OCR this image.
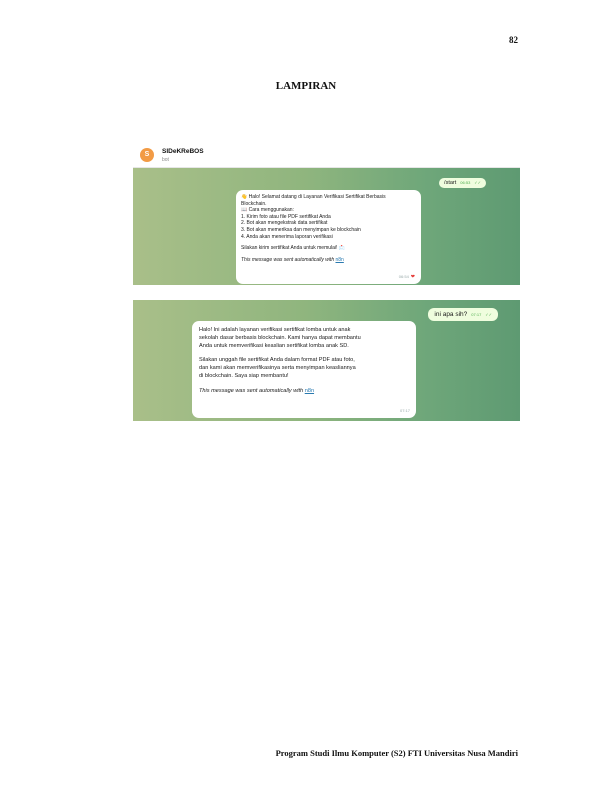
82
LAMPIRAN
S	SIDeKReBOS
bot
/start 06:53 ✓✓
👋 Halo! Selamat datang di Layanan Verifikasi Sertifikat Berbasis
Blockchain.
📖 Cara menggunakan:
1. Kirim foto atau file PDF sertifikat Anda
2. Bot akan mengekstrak data sertifikat
3. Bot akan memeriksa dan menyimpan ke blockchain
4. Anda akan menerima laporan verifikasi
Silakan kirim sertifikat Anda untuk memulai! 📩
This message was sent automatically with n8n
06:54 ❤
ini apa sih? 07:17 ✓✓
Halo! Ini adalah layanan verifikasi sertifikat lomba untuk anak
sekolah dasar berbasis blockchain. Kami hanya dapat membantu
Anda untuk memverifikasi keaslian sertifikat lomba anak SD.
Silakan unggah file sertifikat Anda dalam format PDF atau foto,
dan kami akan memverifikasinya serta menyimpan keasliannya
di blockchain. Saya siap membantu!
This message was sent automatically with n8n
07:17
Program Studi Ilmu Komputer (S2) FTI Universitas Nusa Mandiri
